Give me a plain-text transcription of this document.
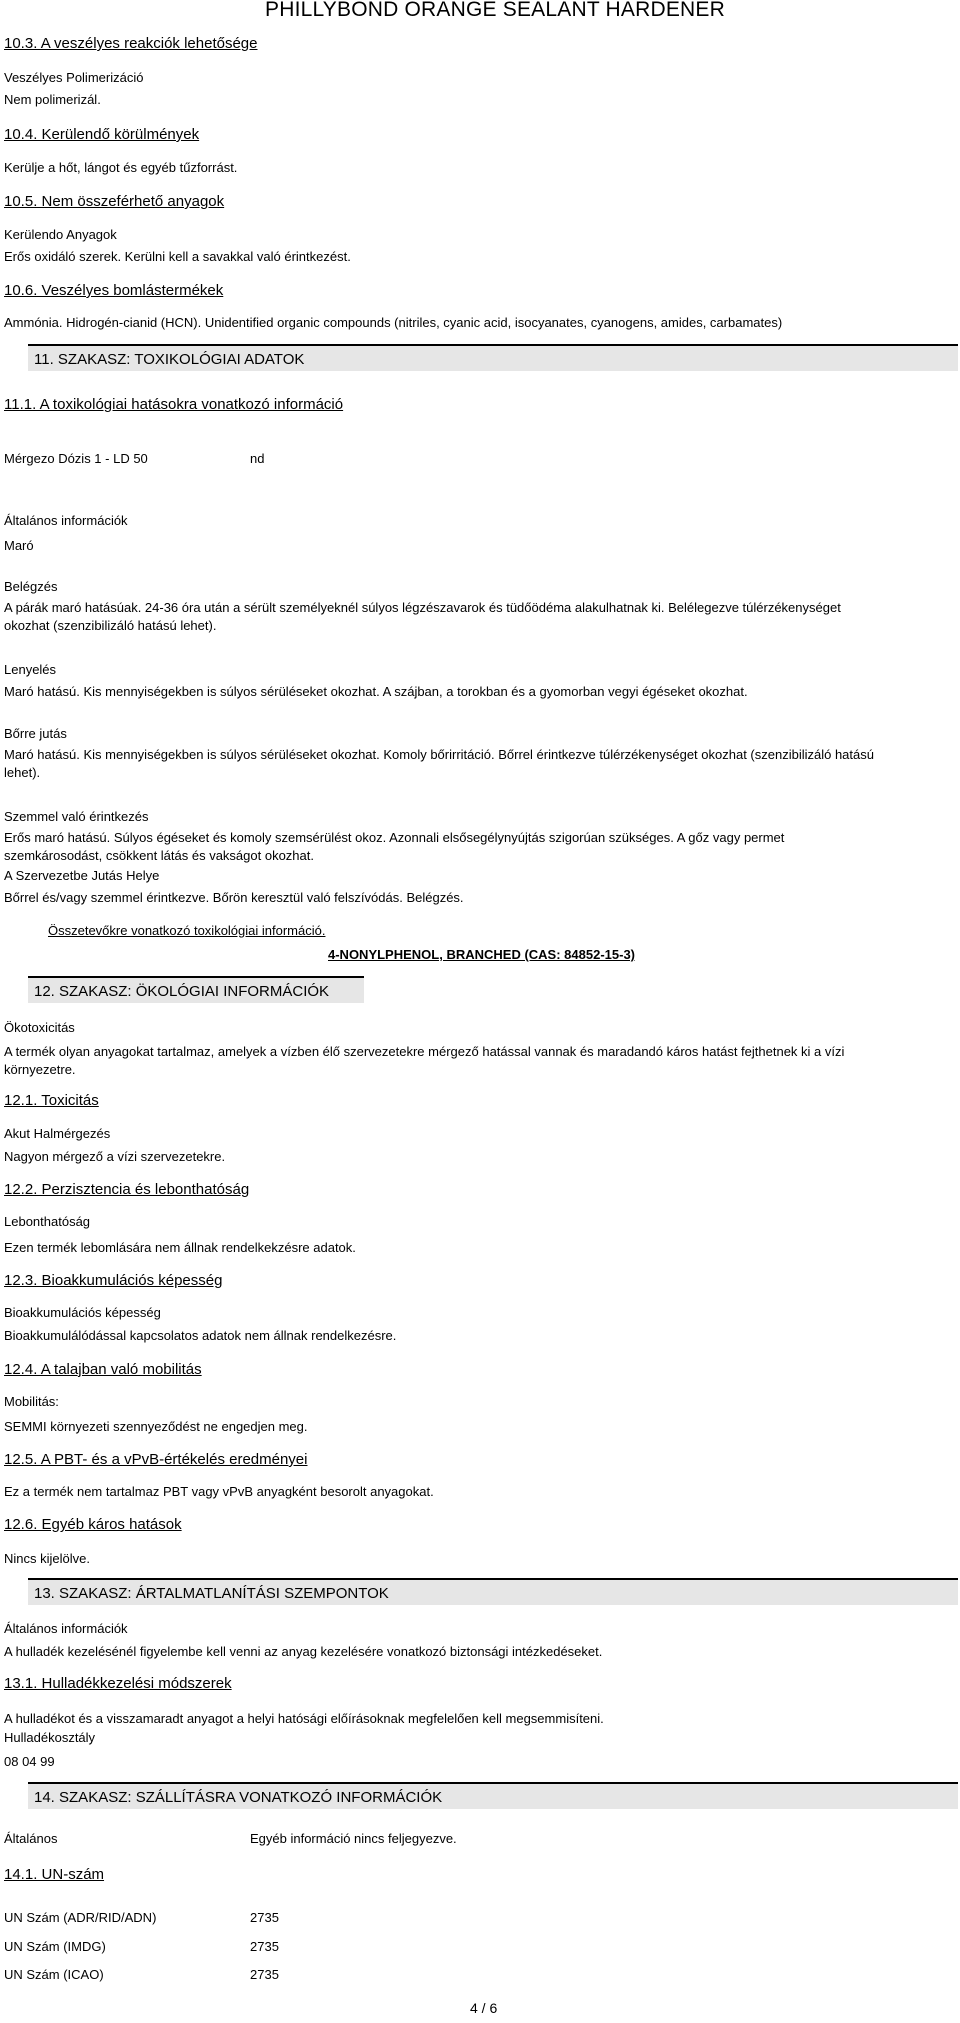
PHILLYBOND ORANGE SEALANT HARDENER
10.3. A veszélyes reakciók lehetősége
Veszélyes Polimerizáció
Nem polimerizál.
10.4. Kerülendő körülmények
Kerülje a hőt, lángot és egyéb tűzforrást.
10.5. Nem összeférhető anyagok
Kerülendo Anyagok
Erős oxidáló szerek. Kerülni kell a savakkal való érintkezést.
10.6. Veszélyes bomlástermékek
Ammónia. Hidrogén-cianid (HCN). Unidentified organic compounds (nitriles, cyanic acid, isocyanates, cyanogens, amides, carbamates)
11. SZAKASZ: TOXIKOLÓGIAI ADATOK
11.1. A toxikológiai hatásokra vonatkozó információ
Mérgezo Dózis 1 - LD 50	nd
Általános információk
Maró
Belégzés
A párák maró hatásúak. 24-36 óra után a sérült személyeknél súlyos légzészavarok és tüdőödéma alakulhatnak ki. Belélegezve túlérzékenységet okozhat (szenzibilizáló hatású lehet).
Lenyelés
Maró hatású. Kis mennyiségekben is súlyos sérüléseket okozhat. A szájban, a torokban és a gyomorban vegyi égéseket okozhat.
Bőrre jutás
Maró hatású. Kis mennyiségekben is súlyos sérüléseket okozhat. Komoly bőrirritáció. Bőrrel érintkezve túlérzékenységet okozhat (szenzibilizáló hatású lehet).
Szemmel való érintkezés
Erős maró hatású. Súlyos égéseket és komoly szemsérülést okoz. Azonnali elsősegélynyújtás szigorúan szükséges. A gőz vagy permet szemkárosodást, csökkent látás és vakságot okozhat.
A Szervezetbe Jutás Helye
Bőrrel és/vagy szemmel érintkezve. Bőrön keresztül való felszívódás. Belégzés.
Összetevőkre vonatkozó toxikológiai információ.
4-NONYLPHENOL, BRANCHED (CAS: 84852-15-3)
12. SZAKASZ: ÖKOLÓGIAI INFORMÁCIÓK
Ökotoxicitás
A termék olyan anyagokat tartalmaz, amelyek a vízben élő szervezetekre mérgező hatással vannak és maradandó káros hatást fejthetnek ki a vízi környezetre.
12.1. Toxicitás
Akut Halmérgezés
Nagyon mérgező a vízi szervezetekre.
12.2. Perzisztencia és lebonthatóság
Lebonthatóság
Ezen termék lebomlására nem állnak rendelkekzésre adatok.
12.3. Bioakkumulációs képesség
Bioakkumulációs képesség
Bioakkumulálódással kapcsolatos adatok nem állnak rendelkezésre.
12.4. A talajban való mobilitás
Mobilitás:
SEMMI környezeti szennyeződést ne engedjen meg.
12.5. A PBT- és a vPvB-értékelés eredményei
Ez a termék nem tartalmaz PBT vagy vPvB anyagként besorolt anyagokat.
12.6. Egyéb káros hatások
Nincs kijelölve.
13. SZAKASZ: ÁRTALMATLANÍTÁSI SZEMPONTOK
Általános információk
A hulladék kezelésénél figyelembe kell venni az anyag kezelésére vonatkozó biztonsági intézkedéseket.
13.1. Hulladékkezelési módszerek
A hulladékot és a visszamaradt anyagot a helyi hatósági előírásoknak megfelelően kell megsemmisíteni.
Hulladékosztály
08 04 99
14. SZAKASZ: SZÁLLÍTÁSRA VONATKOZÓ INFORMÁCIÓK
Általános	Egyéb információ nincs feljegyezve.
14.1. UN-szám
UN Szám (ADR/RID/ADN)	2735
UN Szám (IMDG)	2735
UN Szám (ICAO)	2735
4 / 6
